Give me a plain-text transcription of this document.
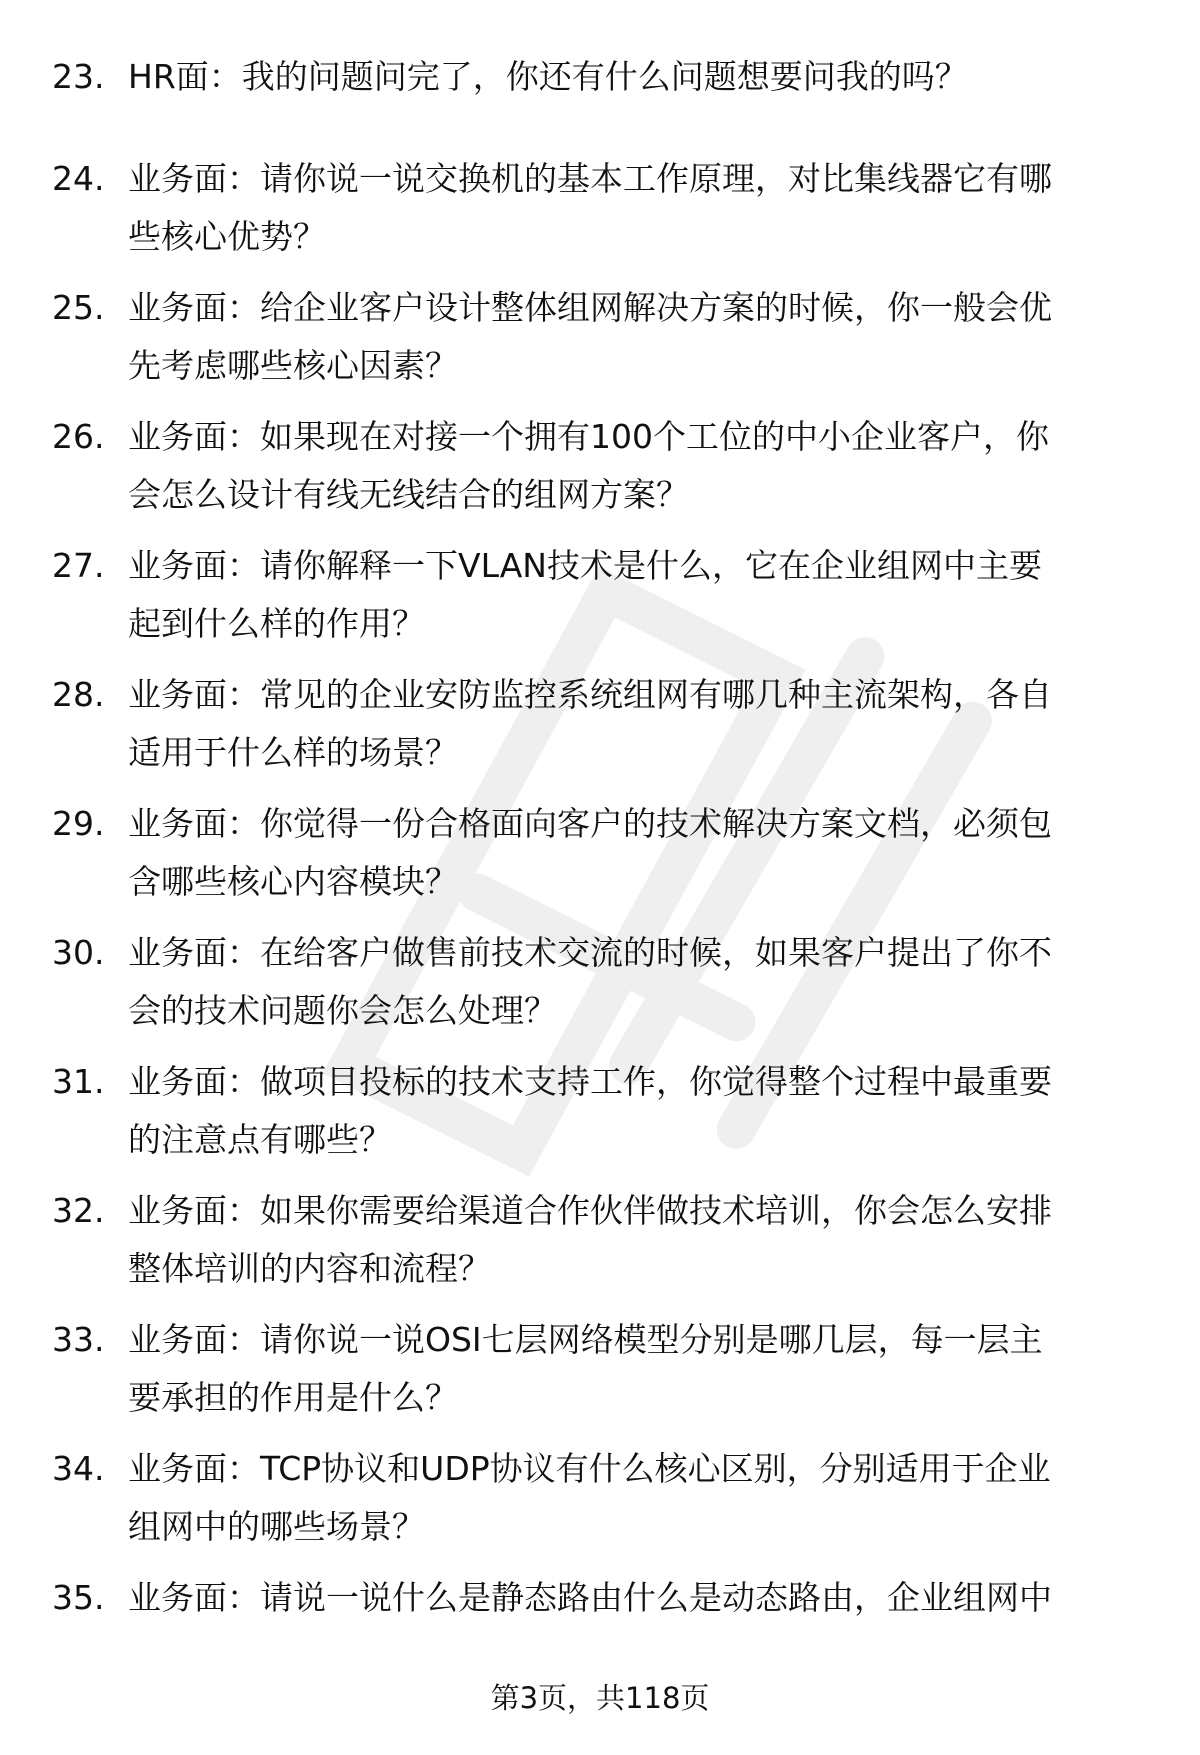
23. HR面：我的问题问完了，你还有什么问题想要问我的吗？
24. 业务面：请你说一说交换机的基本工作原理，对比集线器它有哪
些核心优势？
25. 业务面：给企业客户设计整体组网解决方案的时候，你一般会优
先考虑哪些核心因素？
26. 业务面：如果现在对接一个拥有100个工位的中小企业客户，你
会怎么设计有线无线结合的组网方案？
27. 业务面：请你解释一下VLAN技术是什么，它在企业组网中主要
起到什么样的作用？
28. 业务面：常见的企业安防监控系统组网有哪几种主流架构，各自
适用于什么样的场景？
29. 业务面：你觉得一份合格面向客户的技术解决方案文档，必须包
含哪些核心内容模块？
30. 业务面：在给客户做售前技术交流的时候，如果客户提出了你不
会的技术问题你会怎么处理？
31. 业务面：做项目投标的技术支持工作，你觉得整个过程中最重要
的注意点有哪些？
32. 业务面：如果你需要给渠道合作伙伴做技术培训，你会怎么安排
整体培训的内容和流程？
33. 业务面：请你说一说OSI七层网络模型分别是哪几层，每一层主
要承担的作用是什么？
34. 业务面：TCP协议和UDP协议有什么核心区别，分别适用于企业
组网中的哪些场景？
35. 业务面：请说一说什么是静态路由什么是动态路由，企业组网中
第3页，共118页
